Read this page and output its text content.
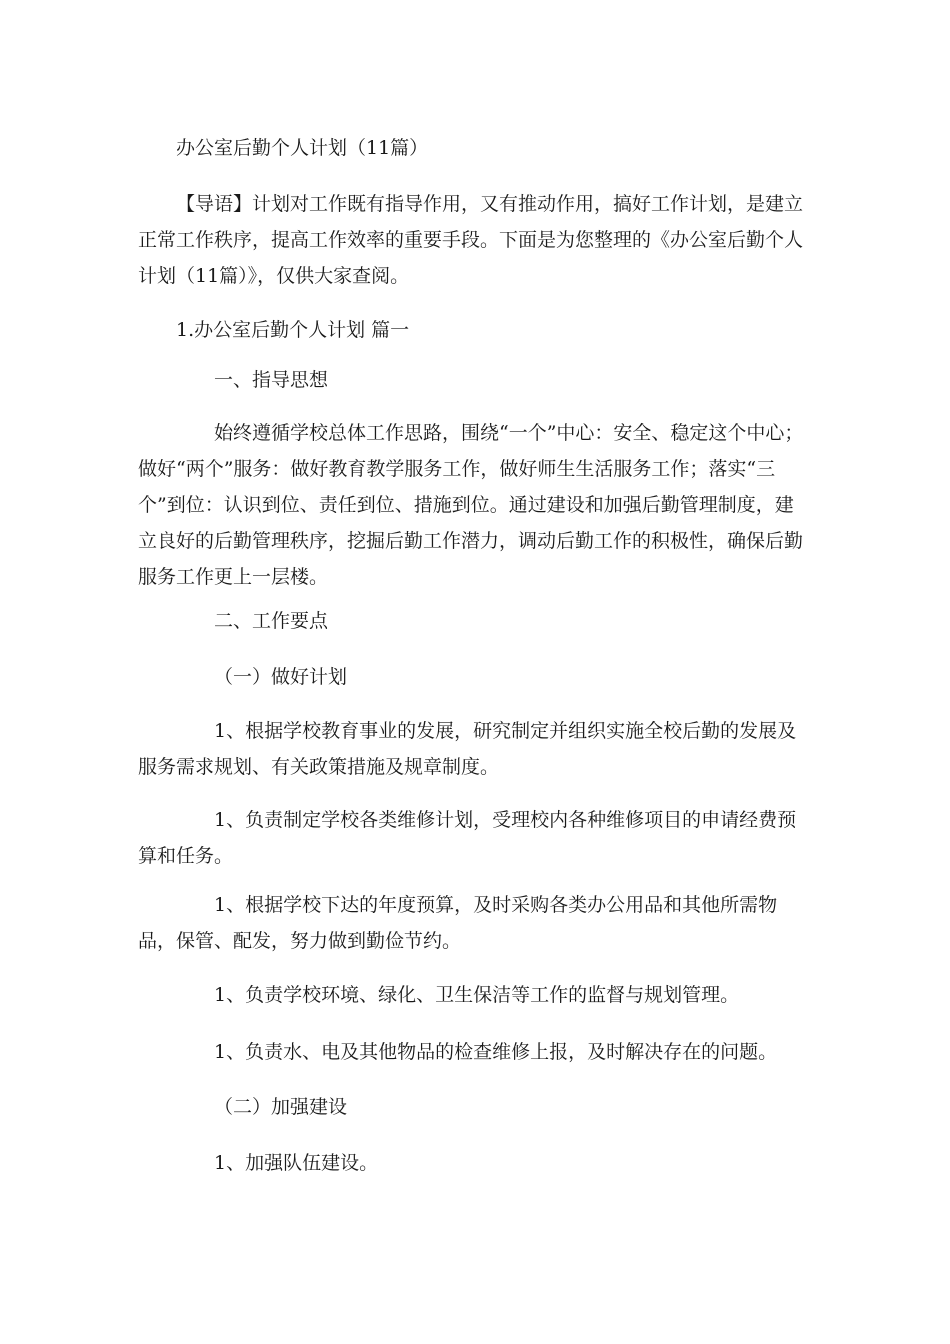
办公室后勤个人计划（11篇）

【导语】计划对工作既有指导作用，又有推动作用，搞好工作计划，是建立正常工作秩序，提高工作效率的重要手段。下面是为您整理的《办公室后勤个人计划（11篇）》，仅供大家查阅。

1.办公室后勤个人计划 篇一

一、指导思想

始终遵循学校总体工作思路，围绕“一个”中心：安全、稳定这个中心；做好“两个”服务：做好教育教学服务工作，做好师生生活服务工作；落实“三个”到位：认识到位、责任到位、措施到位。通过建设和加强后勤管理制度，建立良好的后勤管理秩序，挖掘后勤工作潜力，调动后勤工作的积极性，确保后勤服务工作更上一层楼。

二、工作要点

（一）做好计划

1、根据学校教育事业的发展，研究制定并组织实施全校后勤的发展及服务需求规划、有关政策措施及规章制度。

1、负责制定学校各类维修计划，受理校内各种维修项目的申请经费预算和任务。

1、根据学校下达的年度预算，及时采购各类办公用品和其他所需物品，保管、配发，努力做到勤俭节约。

1、负责学校环境、绿化、卫生保洁等工作的监督与规划管理。

1、负责水、电及其他物品的检查维修上报，及时解决存在的问题。

（二）加强建设

1、加强队伍建设。
